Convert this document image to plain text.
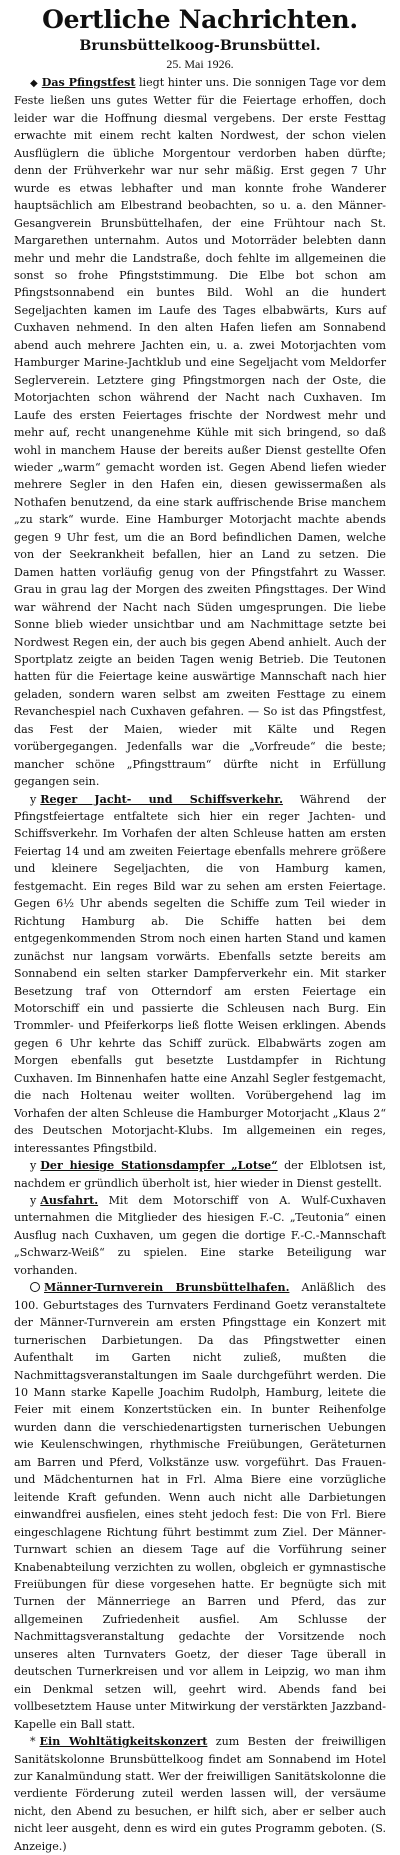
Oertliche Nachrichten.
Brunsbüttelkoog-Brunsbüttel.
25. Mai 1926.

◆ Das Pfingstfest liegt hinter uns. Die sonnigen Tage vor dem Feste ließen uns gutes Wetter für die Feiertage erhoffen, doch leider war die Hoffnung diesmal vergebens. Der erste Festtag erwachte mit einem recht kalten Nordwest, der schon vielen Ausflüglern die übliche Morgentour verdorben haben dürfte; denn der Frühverkehr war nur sehr mäßig. Erst gegen 7 Uhr wurde es etwas lebhafter und man konnte frohe Wanderer hauptsächlich am Elbestrand beobachten, so u. a. den Männer-Gesangverein Brunsbüttelhafen, der eine Frühtour nach St. Margarethen unternahm. Autos und Motorräder belebten dann mehr und mehr die Landstraße, doch fehlte im allgemeinen die sonst so frohe Pfingststimmung. Die Elbe bot schon am Pfingstsonnabend ein buntes Bild. Wohl an die hundert Segeljachten kamen im Laufe des Tages elbabwärts, Kurs auf Cuxhaven nehmend. In den alten Hafen liefen am Sonnabend abend auch mehrere Jachten ein, u. a. zwei Motorjachten vom Hamburger Marine-Jachtklub und eine Segeljacht vom Meldorfer Seglerverein. Letztere ging Pfingstmorgen nach der Oste, die Motorjachten schon während der Nacht nach Cuxhaven. Im Laufe des ersten Feiertages frischte der Nordwest mehr und mehr auf, recht unangenehme Kühle mit sich bringend, so daß wohl in manchem Hause der bereits außer Dienst gestellte Ofen wieder „warm“ gemacht worden ist. Gegen Abend liefen wieder mehrere Segler in den Hafen ein, diesen gewissermaßen als Nothafen benutzend, da eine stark auffrischende Brise manchem „zu stark“ wurde. Eine Hamburger Motorjacht machte abends gegen 9 Uhr fest, um die an Bord befindlichen Damen, welche von der Seekrankheit befallen, hier an Land zu setzen. Die Damen hatten vorläufig genug von der Pfingstfahrt zu Wasser. Grau in grau lag der Morgen des zweiten Pfingsttages. Der Wind war während der Nacht nach Süden umgesprungen. Die liebe Sonne blieb wieder unsichtbar und am Nachmittage setzte bei Nordwest Regen ein, der auch bis gegen Abend anhielt. Auch der Sportplatz zeigte an beiden Tagen wenig Betrieb. Die Teutonen hatten für die Feiertage keine auswärtige Mannschaft nach hier geladen, sondern waren selbst am zweiten Festtage zu einem Revanchespiel nach Cuxhaven gefahren. — So ist das Pfingstfest, das Fest der Maien, wieder mit Kälte und Regen vorübergegangen. Jedenfalls war die „Vorfreude“ die beste; mancher schöne „Pfingsttraum“ dürfte nicht in Erfüllung gegangen sein.

y Reger Jacht- und Schiffsverkehr. Während der Pfingstfeiertage entfaltete sich hier ein reger Jachten- und Schiffsverkehr. Im Vorhafen der alten Schleuse hatten am ersten Feiertag 14 und am zweiten Feiertage ebenfalls mehrere größere und kleinere Segeljachten, die von Hamburg kamen, festgemacht. Ein reges Bild war zu sehen am ersten Feiertage. Gegen 6½ Uhr abends segelten die Schiffe zum Teil wieder in Richtung Hamburg ab. Die Schiffe hatten bei dem entgegenkommenden Strom noch einen harten Stand und kamen zunächst nur langsam vorwärts. Ebenfalls setzte bereits am Sonnabend ein selten starker Dampferverkehr ein. Mit starker Besetzung traf von Otterndorf am ersten Feiertage ein Motorschiff ein und passierte die Schleusen nach Burg. Ein Trommler- und Pfeiferkorps ließ flotte Weisen erklingen. Abends gegen 6 Uhr kehrte das Schiff zurück. Elbabwärts zogen am Morgen ebenfalls gut besetzte Lustdampfer in Richtung Cuxhaven. Im Binnenhafen hatte eine Anzahl Segler festgemacht, die nach Holtenau weiter wollten. Vorübergehend lag im Vorhafen der alten Schleuse die Hamburger Motorjacht „Klaus 2“ des Deutschen Motorjacht-Klubs. Im allgemeinen ein reges, interessantes Pfingstbild.

y Der hiesige Stationsdampfer „Lotse“ der Elblotsen ist, nachdem er gründlich überholt ist, hier wieder in Dienst gestellt.

y Ausfahrt. Mit dem Motorschiff von A. Wulf-Cuxhaven unternahmen die Mitglieder des hiesigen F.-C. „Teutonia“ einen Ausflug nach Cuxhaven, um gegen die dortige F.-C.-Mannschaft „Schwarz-Weiß“ zu spielen. Eine starke Beteiligung war vorhanden.

Männer-Turnverein Brunsbüttelhafen. Anläßlich des 100. Geburtstages des Turnvaters Ferdinand Goetz veranstaltete der Männer-Turnverein am ersten Pfingsttage ein Konzert mit turnerischen Darbietungen. Da das Pfingstwetter einen Aufenthalt im Garten nicht zuließ, mußten die Nachmittagsveranstaltungen im Saale durchgeführt werden. Die 10 Mann starke Kapelle Joachim Rudolph, Hamburg, leitete die Feier mit einem Konzertstücken ein. In bunter Reihenfolge wurden dann die verschiedenartigsten turnerischen Uebungen wie Keulenschwingen, rhythmische Freiübungen, Geräteturnen am Barren und Pferd, Volkstänze usw. vorgeführt. Das Frauen- und Mädchenturnen hat in Frl. Alma Biere eine vorzügliche leitende Kraft gefunden. Wenn auch nicht alle Darbietungen einwandfrei ausfielen, eines steht jedoch fest: Die von Frl. Biere eingeschlagene Richtung führt bestimmt zum Ziel. Der Männer-Turnwart schien an diesem Tage auf die Vorführung seiner Knabenabteilung verzichten zu wollen, obgleich er gymnastische Freiübungen für diese vorgesehen hatte. Er begnügte sich mit Turnen der Männerriege an Barren und Pferd, das zur allgemeinen Zufriedenheit ausfiel. Am Schlusse der Nachmittagsveranstaltung gedachte der Vorsitzende noch unseres alten Turnvaters Goetz, der dieser Tage überall in deutschen Turnerkreisen und vor allem in Leipzig, wo man ihm ein Denkmal setzen will, geehrt wird. Abends fand bei vollbesetztem Hause unter Mitwirkung der verstärkten Jazzband-Kapelle ein Ball statt.

* Ein Wohltätigkeitskonzert zum Besten der freiwilligen Sanitätskolonne Brunsbüttelkoog findet am Sonnabend im Hotel zur Kanalmündung statt. Wer der freiwilligen Sanitätskolonne die verdiente Förderung zuteil werden lassen will, der versäume nicht, den Abend zu besuchen, er hilft sich, aber er selber auch nicht leer ausgeht, denn es wird ein gutes Programm geboten. (S. Anzeige.)
